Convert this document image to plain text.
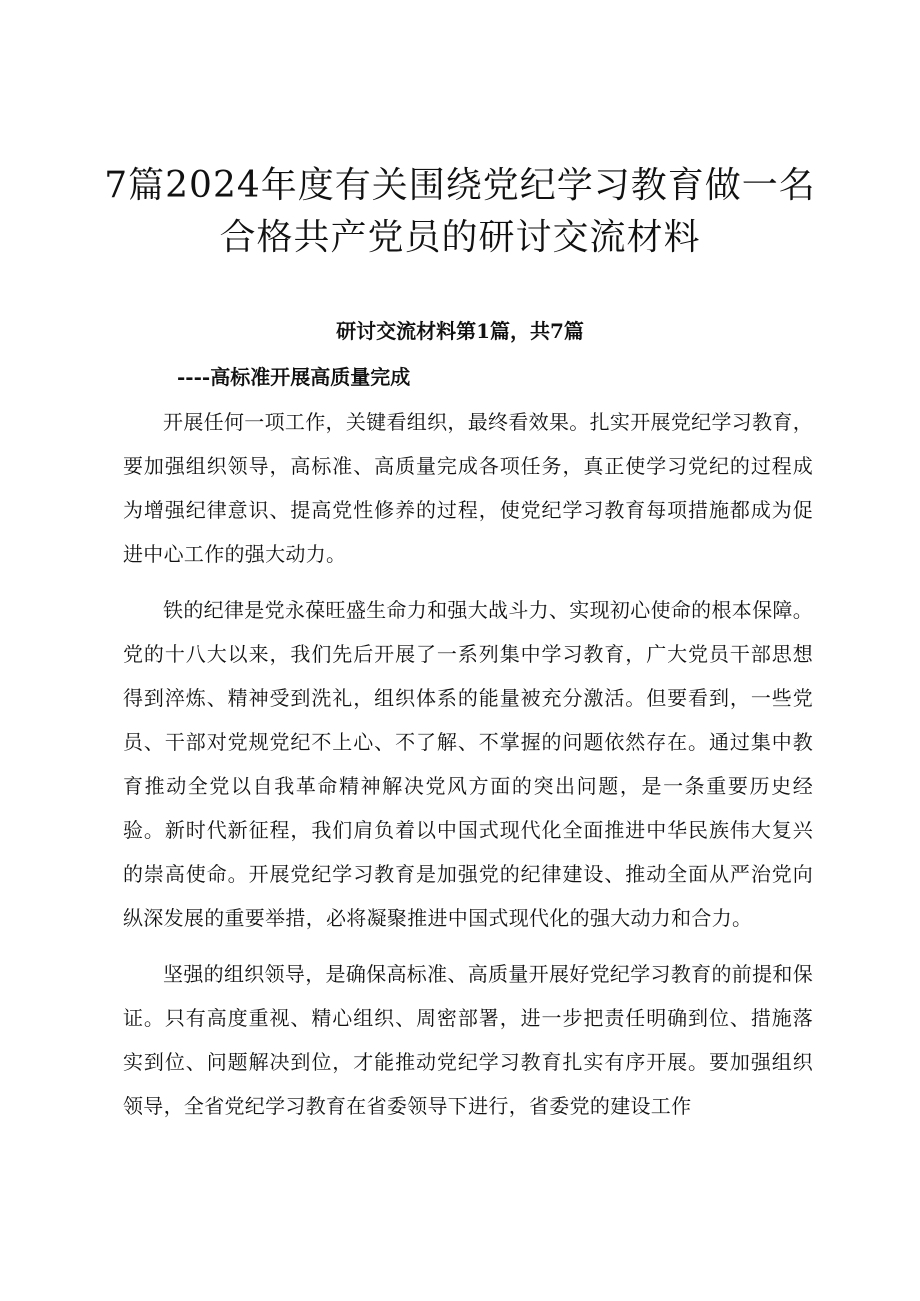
7篇2024年度有关围绕党纪学习教育做一名
合格共产党员的研讨交流材料
研讨交流材料第1篇，共7篇
----高标准开展高质量完成

开展任何一项工作，关键看组织，最终看效果。扎实开展党纪学习教育，要加强组织领导，高标准、高质量完成各项任务，真正使学习党纪的过程成为增强纪律意识、提高党性修养的过程，使党纪学习教育每项措施都成为促进中心工作的强大动力。

铁的纪律是党永葆旺盛生命力和强大战斗力、实现初心使命的根本保障。党的十八大以来，我们先后开展了一系列集中学习教育，广大党员干部思想得到淬炼、精神受到洗礼，组织体系的能量被充分激活。但要看到，一些党员、干部对党规党纪不上心、不了解、不掌握的问题依然存在。通过集中教育推动全党以自我革命精神解决党风方面的突出问题，是一条重要历史经验。新时代新征程，我们肩负着以中国式现代化全面推进中华民族伟大复兴的崇高使命。开展党纪学习教育是加强党的纪律建设、推动全面从严治党向纵深发展的重要举措，必将凝聚推进中国式现代化的强大动力和合力。

坚强的组织领导，是确保高标准、高质量开展好党纪学习教育的前提和保证。只有高度重视、精心组织、周密部署，进一步把责任明确到位、措施落实到位、问题解决到位，才能推动党纪学习教育扎实有序开展。要加强组织领导，全省党纪学习教育在省委领导下进行，省委党的建设工作
